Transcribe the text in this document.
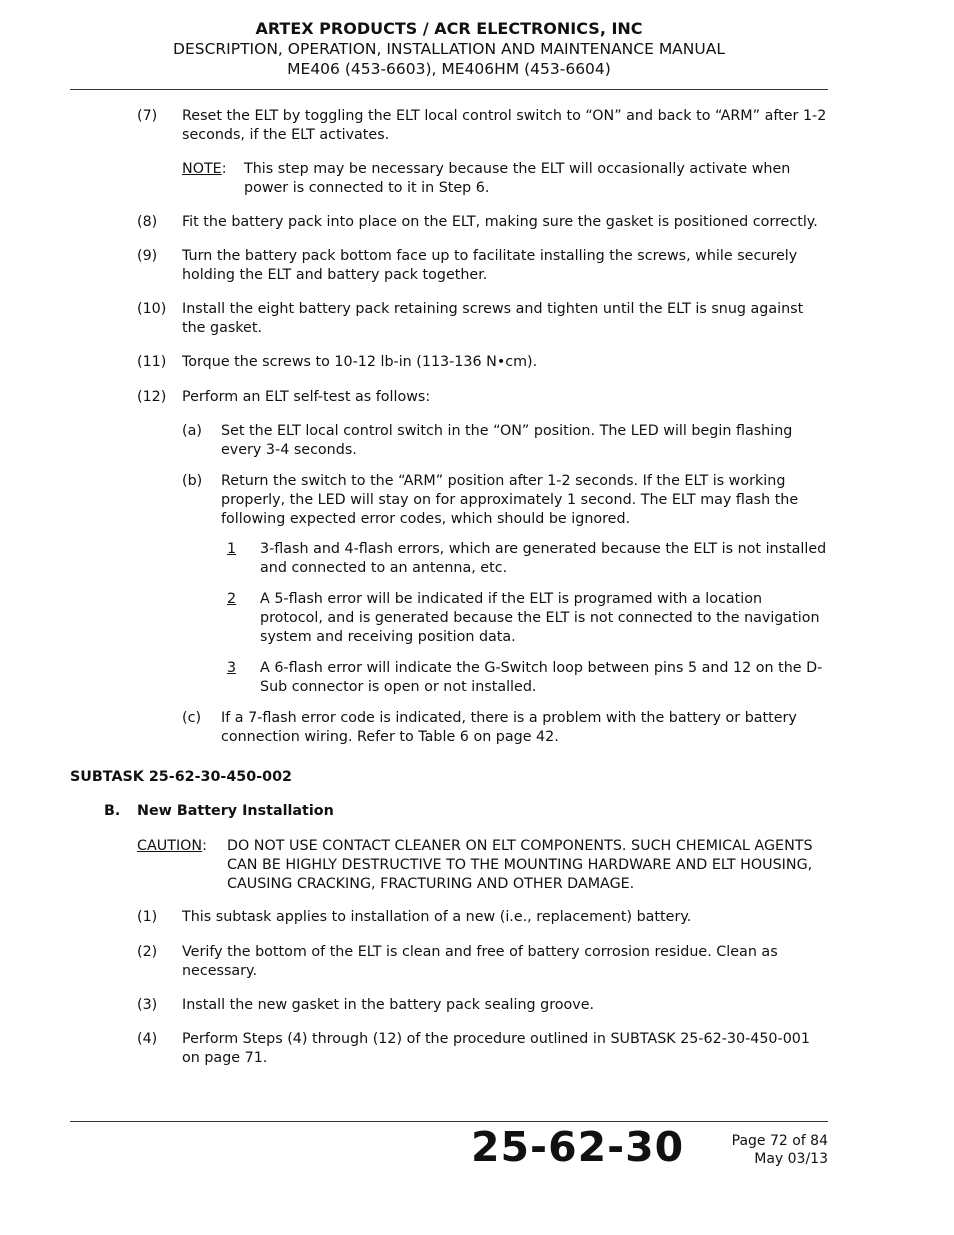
ARTEX PRODUCTS / ACR ELECTRONICS, INC
DESCRIPTION, OPERATION, INSTALLATION AND MAINTENANCE MANUAL
ME406 (453-6603), ME406HM (453-6604)
(7) Reset the ELT by toggling the ELT local control switch to “ON” and back to “ARM” after 1-2 seconds, if the ELT activates.
NOTE: This step may be necessary because the ELT will occasionally activate when power is connected to it in Step 6.
(8) Fit the battery pack into place on the ELT, making sure the gasket is positioned correctly.
(9) Turn the battery pack bottom face up to facilitate installing the screws, while securely holding the ELT and battery pack together.
(10) Install the eight battery pack retaining screws and tighten until the ELT is snug against the gasket.
(11) Torque the screws to 10-12 lb-in (113-136 N•cm).
(12) Perform an ELT self-test as follows:
(a) Set the ELT local control switch in the “ON” position. The LED will begin flashing every 3-4 seconds.
(b) Return the switch to the “ARM” position after 1-2 seconds. If the ELT is working properly, the LED will stay on for approximately 1 second. The ELT may flash the following expected error codes, which should be ignored.
1 3-flash and 4-flash errors, which are generated because the ELT is not installed and connected to an antenna, etc.
2 A 5-flash error will be indicated if the ELT is programed with a location protocol, and is generated because the ELT is not connected to the navigation system and receiving position data.
3 A 6-flash error will indicate the G-Switch loop between pins 5 and 12 on the D-Sub connector is open or not installed.
(c) If a 7-flash error code is indicated, there is a problem with the battery or battery connection wiring. Refer to Table 6 on page 42.
SUBTASK 25-62-30-450-002
B. New Battery Installation
CAUTION: DO NOT USE CONTACT CLEANER ON ELT COMPONENTS. SUCH CHEMICAL AGENTS CAN BE HIGHLY DESTRUCTIVE TO THE MOUNTING HARDWARE AND ELT HOUSING, CAUSING CRACKING, FRACTURING AND OTHER DAMAGE.
(1) This subtask applies to installation of a new (i.e., replacement) battery.
(2) Verify the bottom of the ELT is clean and free of battery corrosion residue. Clean as necessary.
(3) Install the new gasket in the battery pack sealing groove.
(4) Perform Steps (4) through (12) of the procedure outlined in SUBTASK 25-62-30-450-001 on page 71.
25-62-30	Page 72 of 84
May 03/13
